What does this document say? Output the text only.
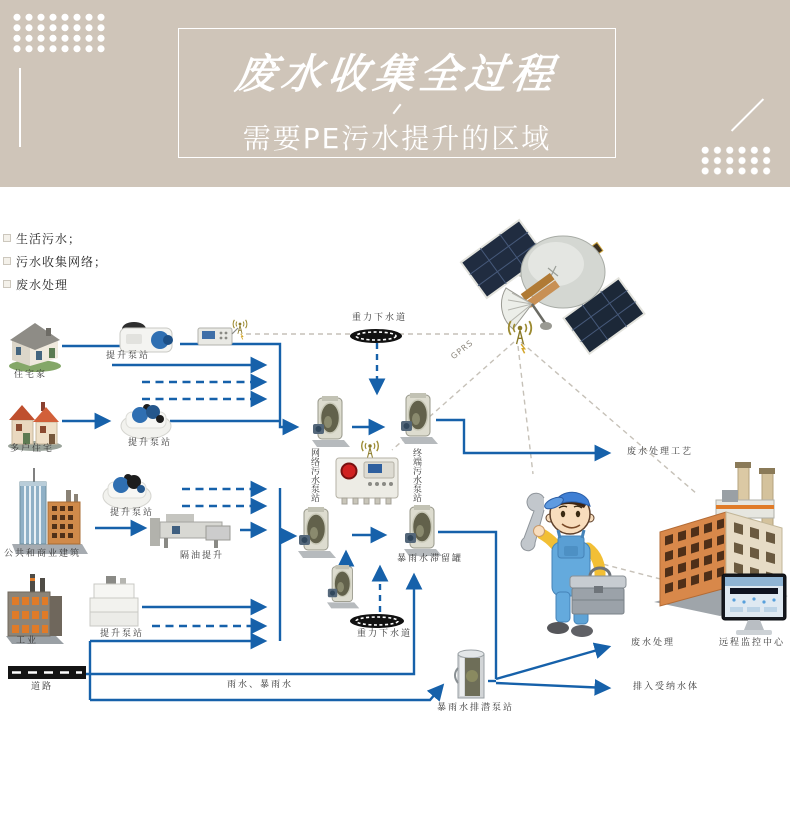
废水收集全过程
需要PE污水提升的区域
生活污水；
污水收集网络；
废水处理
住宅家
提升泵站
多户住宅
提升泵站
公共和商业建筑
提升泵站
隔油提升
工业
提升泵站
道路
重力下水道
网络污水泵站	终端污水泵站
暴雨水滞留罐
重力下水道
雨水、暴雨水
暴雨水排潜泵站
GPRS
废水处理工艺
废水处理
排入受纳水体
远程监控中心
